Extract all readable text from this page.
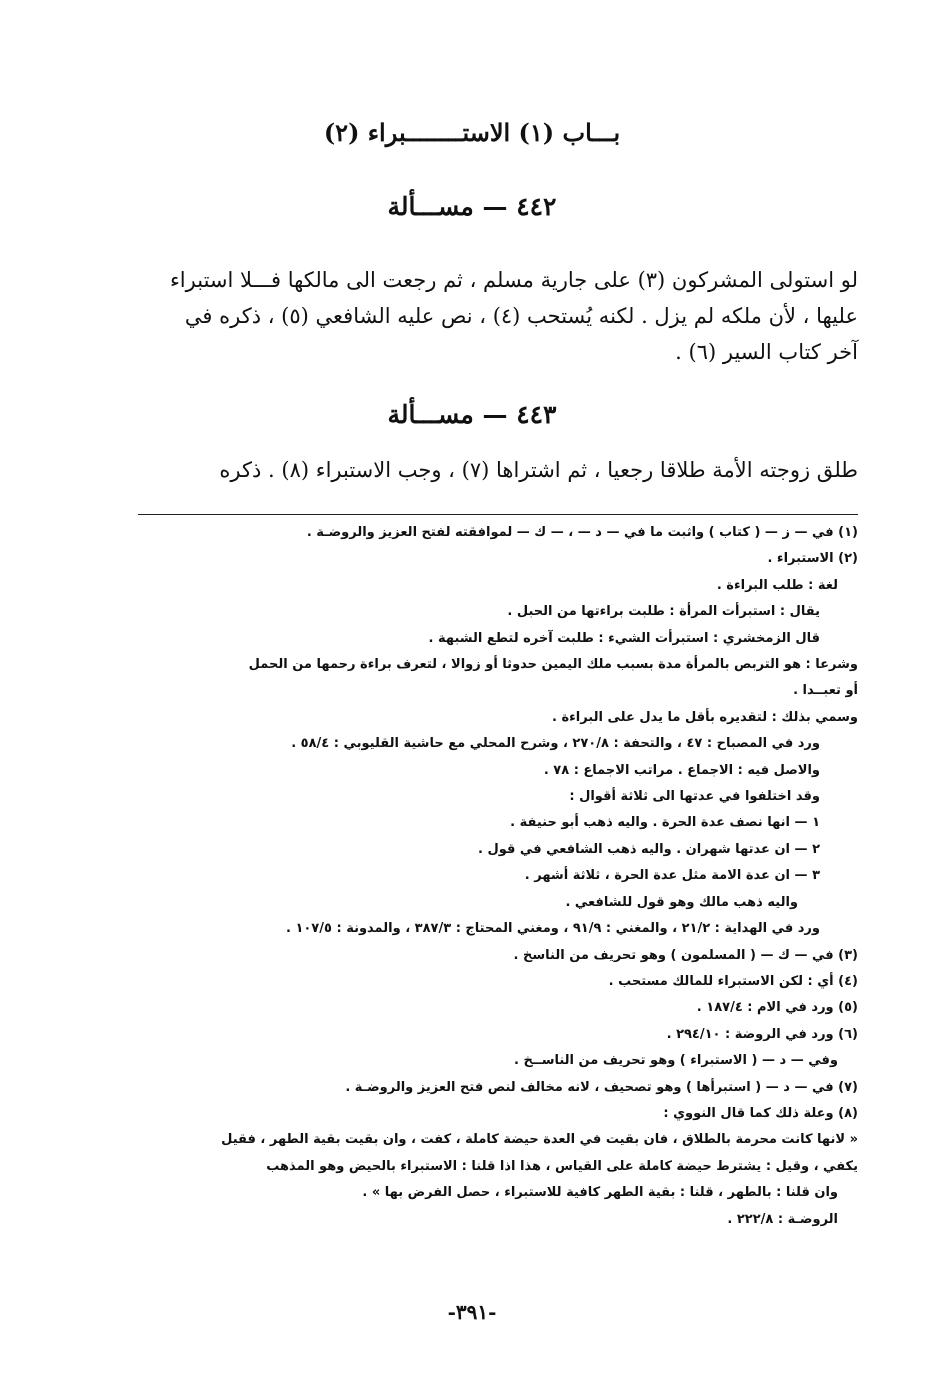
بـــاب (١) الاستــــــــبراء (٢)
٤٤٢ — مســـألة
لو استولى المشركون (٣) على جارية مسلم ، ثم رجعت الى مالكها فـــلا استبراء
عليها ، لأن ملكه لم يزل . لكنه يُستحب (٤) ، نص عليه الشافعي (٥) ، ذكره في
آخر كتاب السير (٦) .
٤٤٣ — مســـألة
طلق زوجته الأمة طلاقا رجعيا ، ثم اشتراها (٧) ، وجب الاستبراء (٨) . ذكره
(١) في — ز — ( كتاب ) واثبت ما في — د — ، — ك — لموافقته لفتح العزيز والروضـة .
(٢) الاستبراء .
لغة : طلب البراءة .
يقال : استبرأت المرأة : طلبت براءتها من الحبل .
قال الزمخشري : استبرأت الشيء : طلبت آخره لتطع الشبهة .
وشرعا : هو التربص بالمرأة مدة بسبب ملك اليمين حدوثا أو زوالا ، لتعرف براءة رحمها من الحمل
أو تعبــدا .
وسمي بذلك : لتقديره بأقل ما يدل على البراءة .
ورد في المصباح : ٤٧ ، والتحفة : ٢٧٠/٨ ، وشرح المحلي مع حاشية القليوبي : ٥٨/٤ .
والاصل فيه : الاجماع . مراتب الاجماع : ٧٨ .
وقد اختلفوا في عدتها الى ثلاثة أقوال :
١ — انها نصف عدة الحرة . واليه ذهب أبو حنيفة .
٢ — ان عدتها شهران . واليه ذهب الشافعي في قول .
٣ — ان عدة الامة مثل عدة الحرة ، ثلاثة أشهر .
واليه ذهب مالك وهو قول للشافعي .
ورد في الهداية : ٢١/٢ ، والمغني : ٩١/٩ ، ومغني المحتاج : ٣٨٧/٣ ، والمدونة : ١٠٧/٥ .
(٣) في — ك — ( المسلمون ) وهو تحريف من الناسخ .
(٤) أي : لكن الاستبراء للمالك مستحب .
(٥) ورد في الام : ١٨٧/٤ .
(٦) ورد في الروضة : ٢٩٤/١٠ .
وفي — د — ( الاستبراء ) وهو تحريف من الناســخ .
(٧) في — د — ( استبرأها ) وهو تصحيف ، لانه مخالف لنص فتح العزيز والروضـة .
(٨) وعلة ذلك كما قال النووي :
« لانها كانت محرمة بالطلاق ، فان بقيت في العدة حيضة كاملة ، كفت ، وان بقيت بقية الطهر ، فقيل
يكفي ، وقيل : يشترط حيضة كاملة على القياس ، هذا اذا قلنا : الاستبراء بالحيض وهو المذهب
وان قلنا : بالطهر ، قلنا : بقية الطهر كافية للاستبراء ، حصل الفرض بها » .
الروضـة : ٢٢٢/٨ .
-٣٩١-
